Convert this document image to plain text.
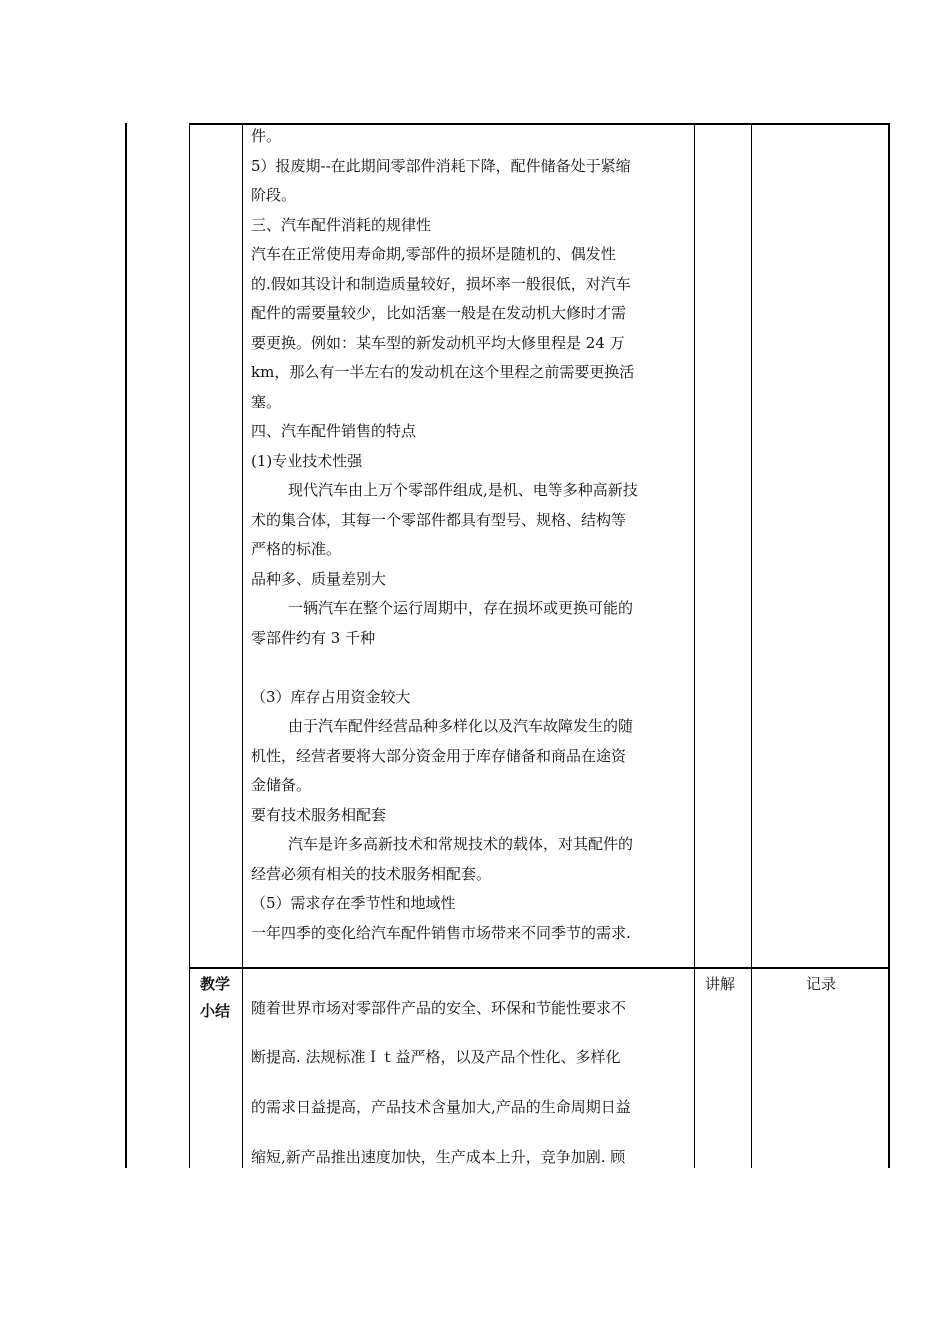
件。
5）报废期--在此期间零部件消耗下降，配件储备处于紧缩
阶段。
三、汽车配件消耗的规律性
汽车在正常使用寿命期,零部件的损坏是随机的、偶发性
的.假如其设计和制造质量较好，损坏率一般很低，对汽车
配件的需要量较少，比如活塞一般是在发动机大修时才需
要更换。例如：某车型的新发动机平均大修里程是 24 万
km，那么有一半左右的发动机在这个里程之前需要更换活
塞。
四、汽车配件销售的特点
(1)专业技术性强
现代汽车由上万个零部件组成,是机、电等多种高新技
术的集合体，其每一个零部件都具有型号、规格、结构等
严格的标准。
品种多、质量差别大
一辆汽车在整个运行周期中，存在损坏或更换可能的
零部件约有 3 千种
（3）库存占用资金较大
由于汽车配件经营品种多样化以及汽车故障发生的随
机性，经营者要将大部分资金用于库存储备和商品在途资
金储备。
要有技术服务相配套
汽车是许多高新技术和常规技术的载体，对其配件的
经营必须有相关的技术服务相配套。
（5）需求存在季节性和地域性
一年四季的变化给汽车配件销售市场带来不同季节的需求.
教学
小结
讲解	记录
随着世界市场对零部件产品的安全、环保和节能性要求不
断提高. 法规标准Ｉｔ益严格，以及产品个性化、多样化
的需求日益提高，产品技术含量加大,产品的生命周期日益
缩短,新产品推出速度加快，生产成本上升，竞争加剧. 顾
